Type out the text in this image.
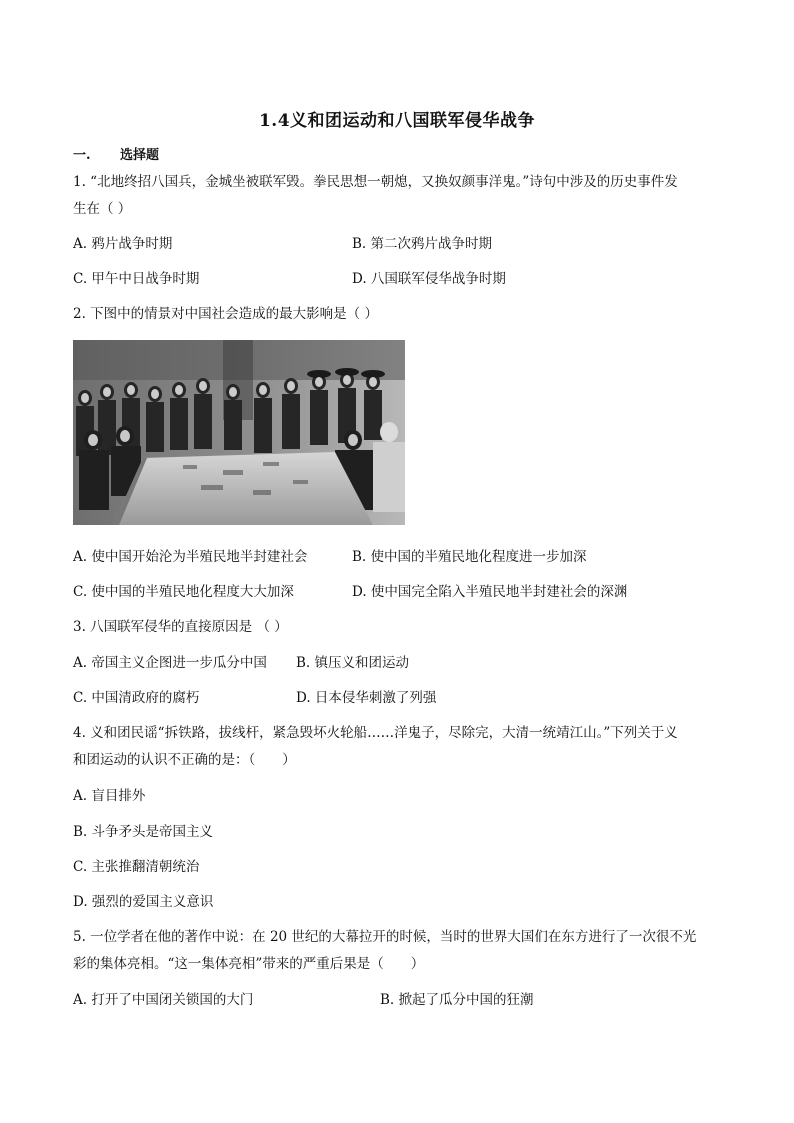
1.4义和团运动和八国联军侵华战争
一. 选择题
1. “北地终招八国兵，金城坐被联军毁。拳民思想一朝熄，又换奴颜事洋鬼。”诗句中涉及的历史事件发
生在（ ）
A. 鸦片战争时期	B. 第二次鸦片战争时期
C. 甲午中日战争时期	D. 八国联军侵华战争时期
2. 下图中的情景对中国社会造成的最大影响是（ ）
A. 使中国开始沦为半殖民地半封建社会	B. 使中国的半殖民地化程度进一步加深
C. 使中国的半殖民地化程度大大加深	D. 使中国完全陷入半殖民地半封建社会的深渊
3. 八国联军侵华的直接原因是 （ ）
A. 帝国主义企图进一步瓜分中国 B. 镇压义和团运动
C. 中国清政府的腐朽	D. 日本侵华刺激了列强
4. 义和团民谣“拆铁路，拔线杆，紧急毁坏火轮船……洋鬼子，尽除完，大清一统靖江山。”下列关于义
和团运动的认识不正确的是：（　　）
A. 盲目排外
B. 斗争矛头是帝国主义
C. 主张推翻清朝统治
D. 强烈的爱国主义意识
5. 一位学者在他的著作中说：在 20 世纪的大幕拉开的时候，当时的世界大国们在东方进行了一次很不光
彩的集体亮相。“这一集体亮相”带来的严重后果是（　　）
A. 打开了中国闭关锁国的大门	B. 掀起了瓜分中国的狂潮
